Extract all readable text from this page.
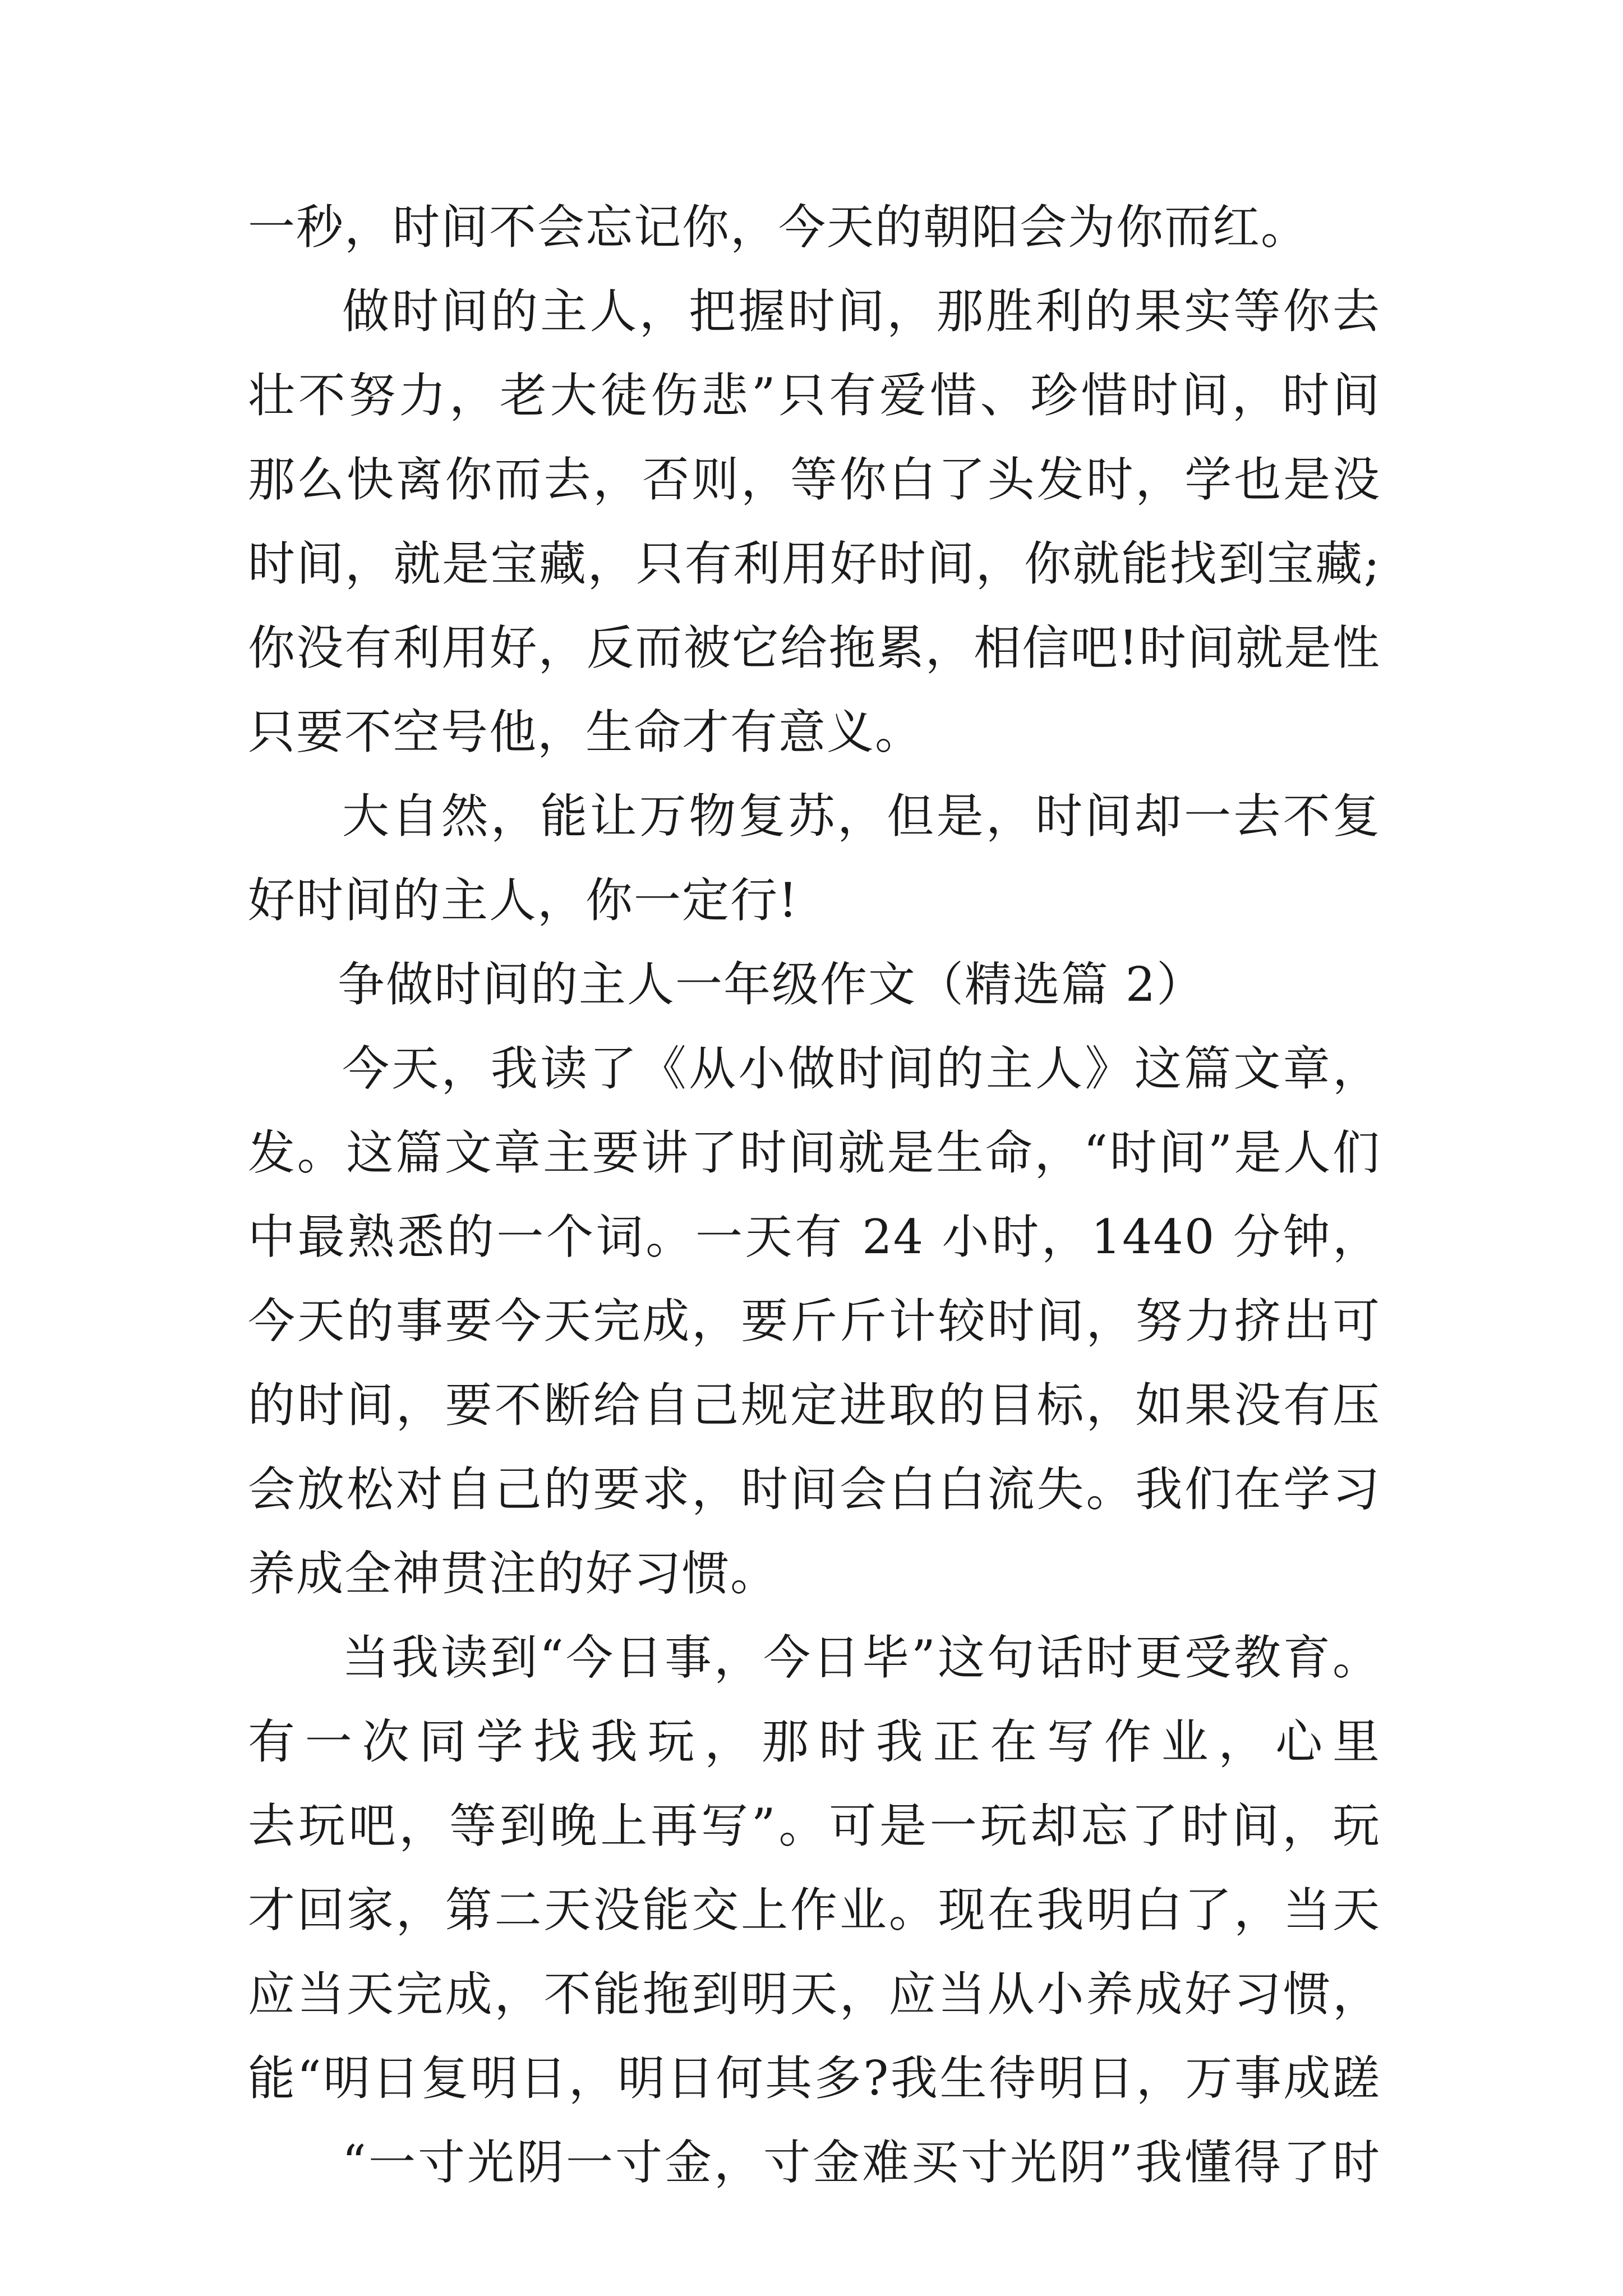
一秒，时间不会忘记你，今天的朝阳会为你而红。
做时间的主人，把握时间，那胜利的果实等你去
壮不努力，老大徒伤悲”只有爱惜、珍惜时间，时间
那么快离你而去，否则，等你白了头发时，学也是没
时间，就是宝藏，只有利用好时间，你就能找到宝藏;
你没有利用好，反而被它给拖累，相信吧!时间就是性
只要不空号他，生命才有意义。
大自然，能让万物复苏，但是，时间却一去不复
好时间的主人，你一定行!
争做时间的主人一年级作文（精选篇 2）
今天，我读了《从小做时间的主人》这篇文章，
发。这篇文章主要讲了时间就是生命，“时间”是人们
中最熟悉的一个词。一天有 24 小时，1440 分钟，
今天的事要今天完成，要斤斤计较时间，努力挤出可
的时间，要不断给自己规定进取的目标，如果没有压
会放松对自己的要求，时间会白白流失。我们在学习
养成全神贯注的好习惯。
当我读到“今日事，今日毕”这句话时更受教育。
有一次同学找我玩，那时我正在写作业，心里
去玩吧，等到晚上再写”。可是一玩却忘了时间，玩
才回家，第二天没能交上作业。现在我明白了，当天
应当天完成，不能拖到明天，应当从小养成好习惯，
能“明日复明日，明日何其多?我生待明日，万事成蹉
“一寸光阴一寸金，寸金难买寸光阴”我懂得了时
